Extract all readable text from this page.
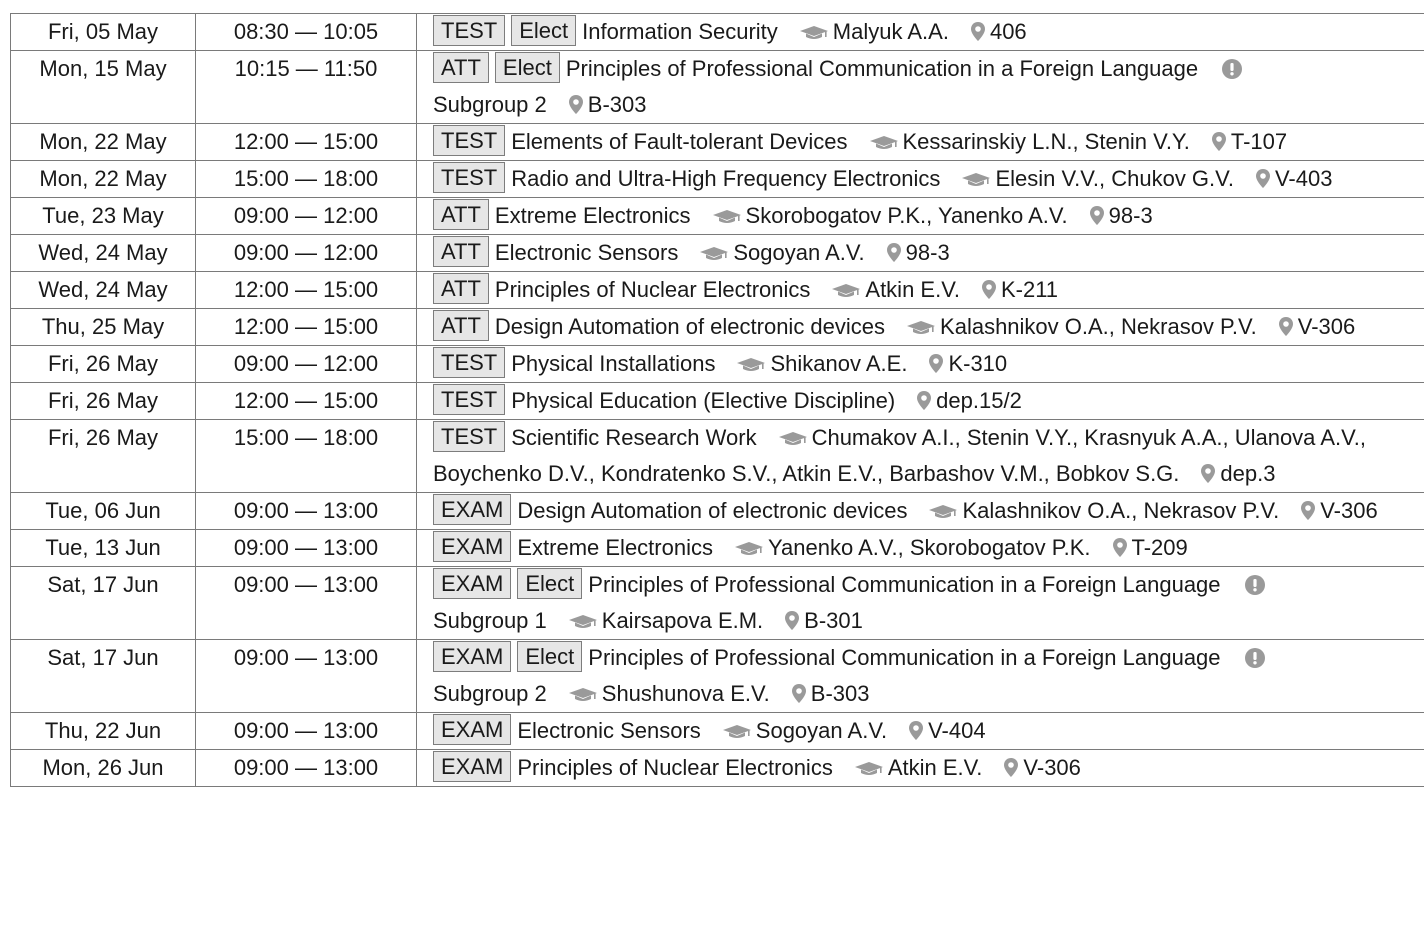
Fri, 05 May	08:30 — 10:05	TEST Elect Information Security Malyuk A.A. 406
Mon, 15 May	10:15 — 11:50	ATT Elect Principles of Professional Communication in a Foreign Language
Subgroup 2 B-303

Mon, 22 May	12:00 — 15:00	TEST Elements of Fault-tolerant Devices Kessarinskiy L.N., Stenin V.Y. T-107
Mon, 22 May	15:00 — 18:00	TEST Radio and Ultra-High Frequency Electronics Elesin V.V., Chukov G.V. V-403
Tue, 23 May	09:00 — 12:00	ATT Extreme Electronics Skorobogatov P.K., Yanenko A.V. 98-3
Wed, 24 May	09:00 — 12:00	ATT Electronic Sensors Sogoyan A.V. 98-3
Wed, 24 May	12:00 — 15:00	ATT Principles of Nuclear Electronics Atkin E.V. K-211
Thu, 25 May	12:00 — 15:00	ATT Design Automation of electronic devices Kalashnikov O.A., Nekrasov P.V. V-306
Fri, 26 May	09:00 — 12:00	TEST Physical Installations Shikanov A.E. K-310
Fri, 26 May	12:00 — 15:00	TEST Physical Education (Elective Discipline) dep.15/2
Fri, 26 May	15:00 — 18:00	TEST Scientific Research Work Chumakov A.I., Stenin V.Y., Krasnyuk A.A., Ulanova A.V., Boychenko D.V., Kondratenko S.V., Atkin E.V., Barbashov V.M., Bobkov S.G. dep.3
Tue, 06 Jun	09:00 — 13:00	EXAM Design Automation of electronic devices Kalashnikov O.A., Nekrasov P.V. V-306
Tue, 13 Jun	09:00 — 13:00	EXAM Extreme Electronics Yanenko A.V., Skorobogatov P.K. T-209
Sat, 17 Jun	09:00 — 13:00	EXAM Elect Principles of Professional Communication in a Foreign Language
Subgroup 1 Kairsapova E.M. B-301

Sat, 17 Jun	09:00 — 13:00	EXAM Elect Principles of Professional Communication in a Foreign Language
Subgroup 2 Shushunova E.V. B-303

Thu, 22 Jun	09:00 — 13:00	EXAM Electronic Sensors Sogoyan A.V. V-404
Mon, 26 Jun	09:00 — 13:00	EXAM Principles of Nuclear Electronics Atkin E.V. V-306
